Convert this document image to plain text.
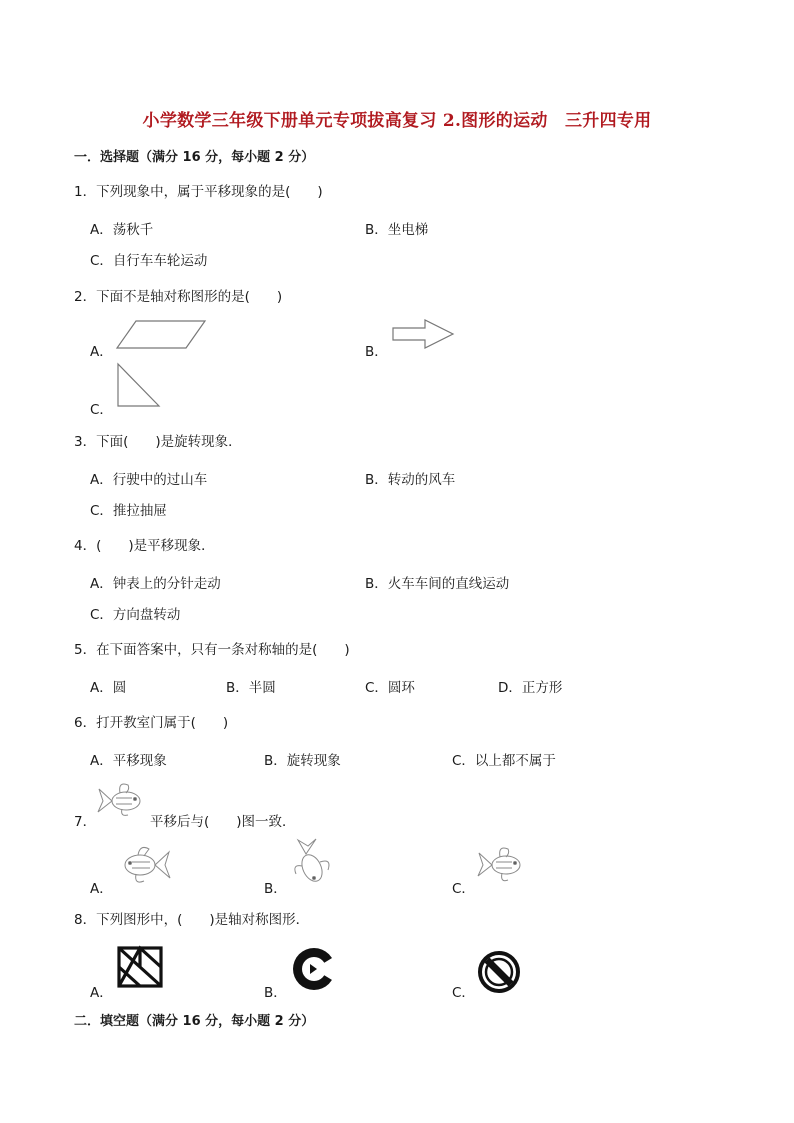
小学数学三年级下册单元专项拔高复习 2.图形的运动　三升四专用
一．选择题（满分 16 分，每小题 2 分）
1．下列现象中，属于平移现象的是(　　)
A．荡秋千	B．坐电梯
C．自行车车轮运动
2．下面不是轴对称图形的是(　　)
A．	B．
C．
3．下面(　　)是旋转现象．
A．行驶中的过山车	B．转动的风车
C．推拉抽屉
4．(　　)是平移现象．
A．钟表上的分针走动	B．火车车间的直线运动
C．方向盘转动
5．在下面答案中，只有一条对称轴的是(　　)
A．圆	B．半圆	C．圆环	D．正方形
6．打开教室门属于(　　)
A．平移现象	B．旋转现象	C．以上都不属于
7．	平移后与(　　)图一致．
A．	B．	C．
8．下列图形中，(　　)是轴对称图形．
A．	B．	C．
二．填空题（满分 16 分，每小题 2 分）
